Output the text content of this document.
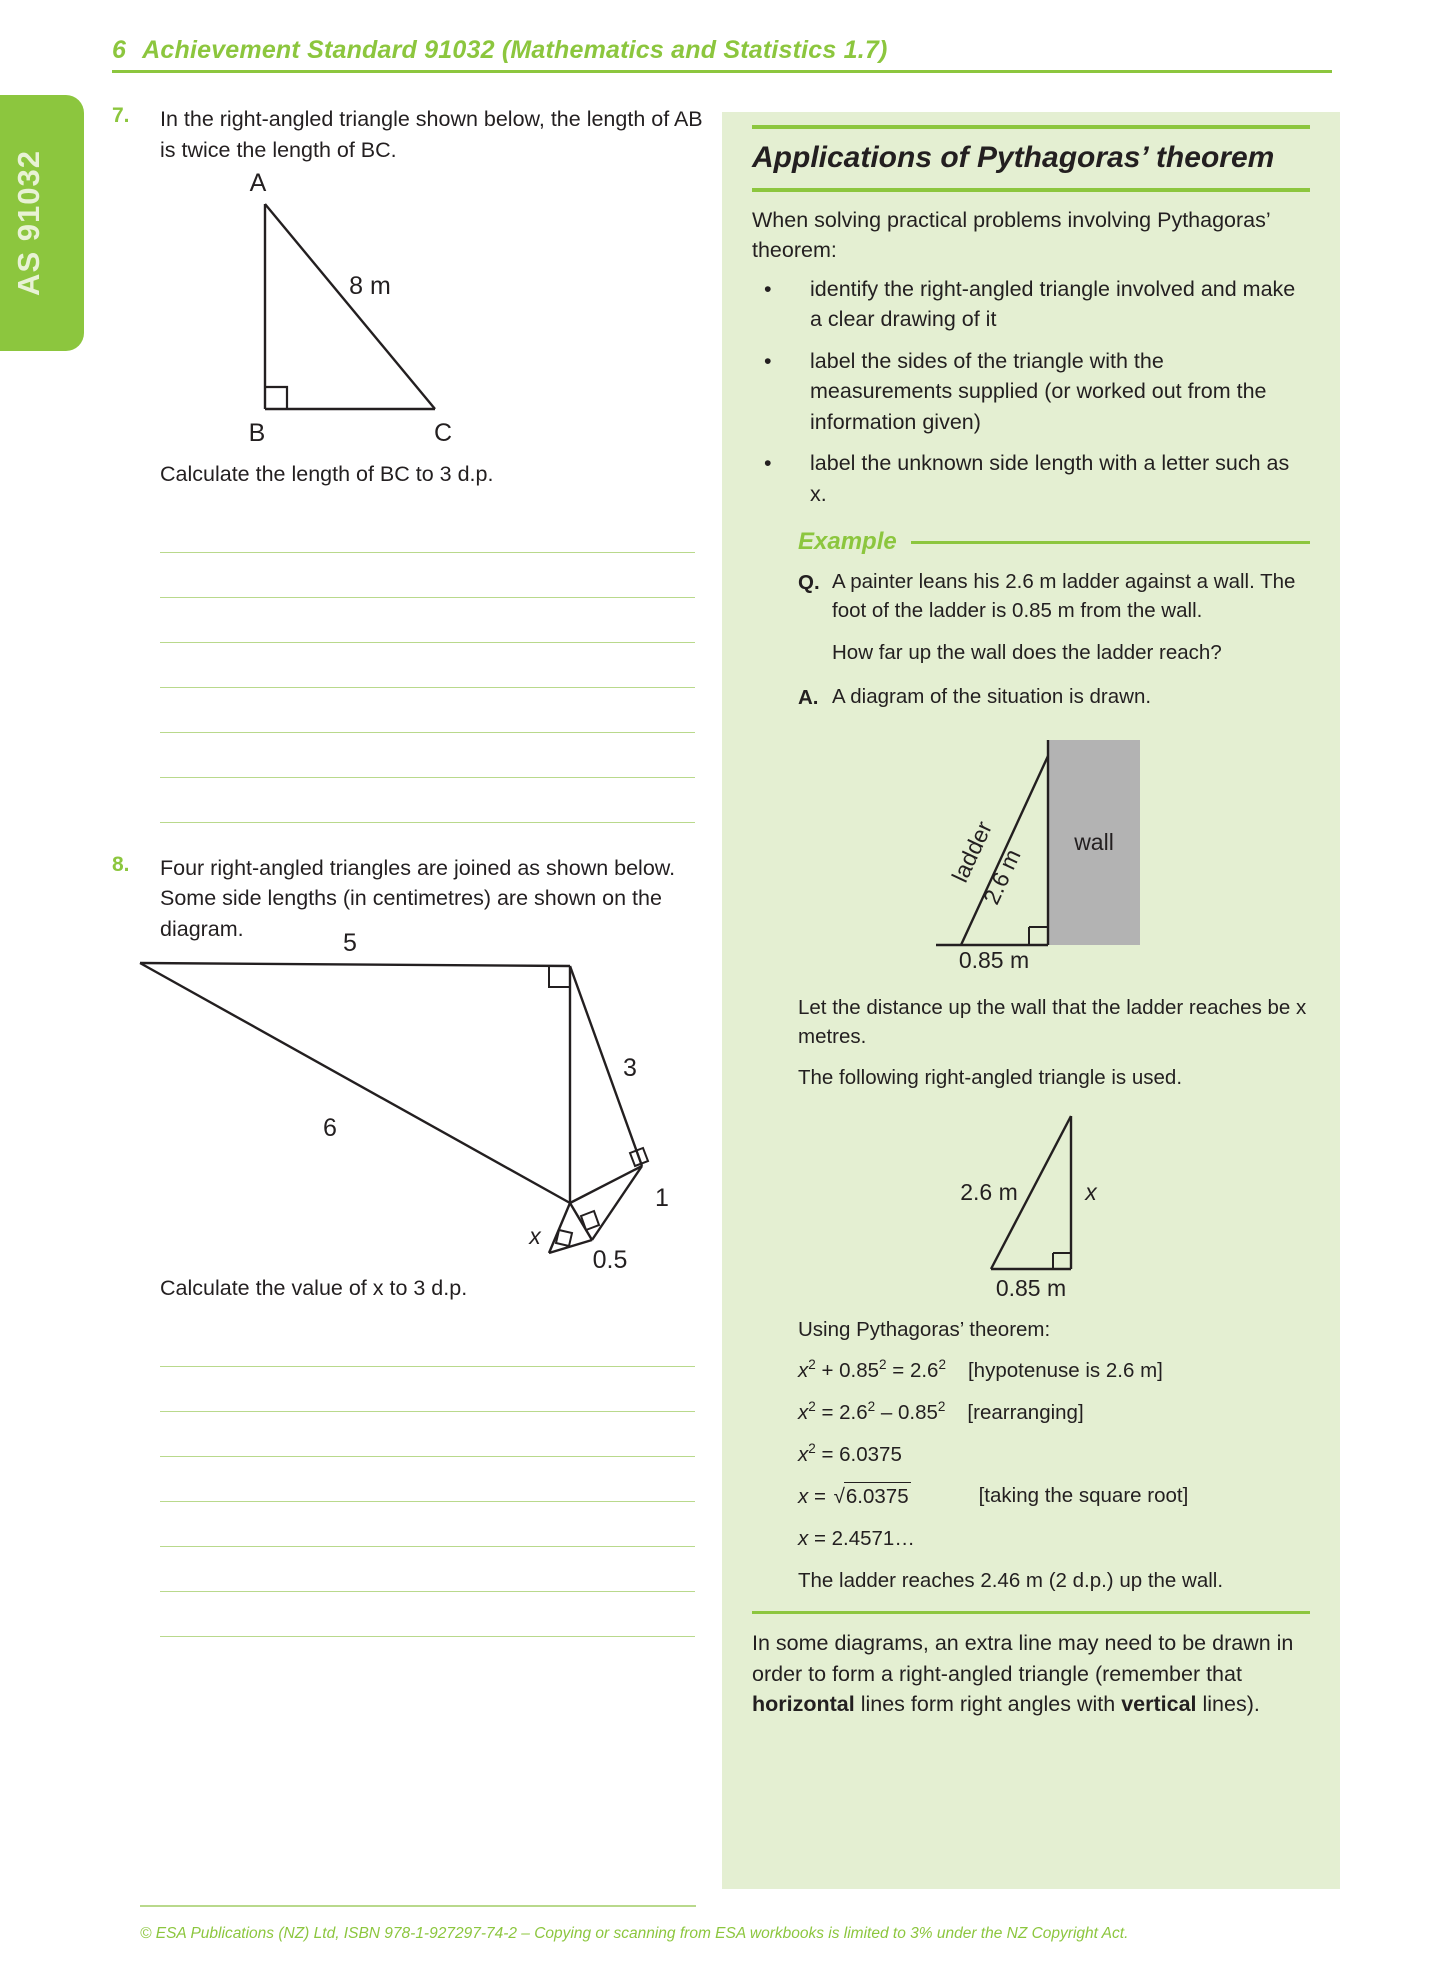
6 Achievement Standard 91032 (Mathematics and Statistics 1.7)
AS 91032
7.	In the right-angled triangle shown below, the length of AB is twice the length of BC.
A
B	C
8 m
Calculate the length of BC to 3 d.p.
8.	Four right-angled triangles are joined as shown below. Some side lengths (in centimetres) are shown on the diagram.
5
6
3
1
0.5
x
Calculate the value of x to 3 d.p.
Applications of Pythagoras’ theorem

When solving practical problems involving Pythagoras’ theorem:

•	identify the right-angled triangle involved and make a clear drawing of it
•	label the sides of the triangle with the measurements supplied (or worked out from the information given)
•	label the unknown side length with a letter such as x.
Example
Q. A painter leans his 2.6 m ladder against a wall. The foot of the ladder is 0.85 m from the wall.
How far up the wall does the ladder reach?
A. A diagram of the situation is drawn.
ladder
2.6 m
wall
0.85 m
Let the distance up the wall that the ladder reaches be x metres.
The following right-angled triangle is used.
2.6 m	x
0.85 m

Using Pythagoras’ theorem:

$x^2 + 0.85^2 = 2.6^2$ [hypotenuse is 2.6 m]

$x^2 = 2.6^2 - 0.85^2$ [rearranging]

$x^2 = 6.0375$

x = √6.0375	[taking the square root]

x = 2.4571…

The ladder reaches 2.46 m (2 d.p.) up the wall.

In some diagrams, an extra line may need to be drawn in order to form a right-angled triangle (remember that horizontal lines form right angles with vertical lines).
© ESA Publications (NZ) Ltd, ISBN 978-1-927297-74-2 – Copying or scanning from ESA workbooks is limited to 3% under the NZ Copyright Act.
